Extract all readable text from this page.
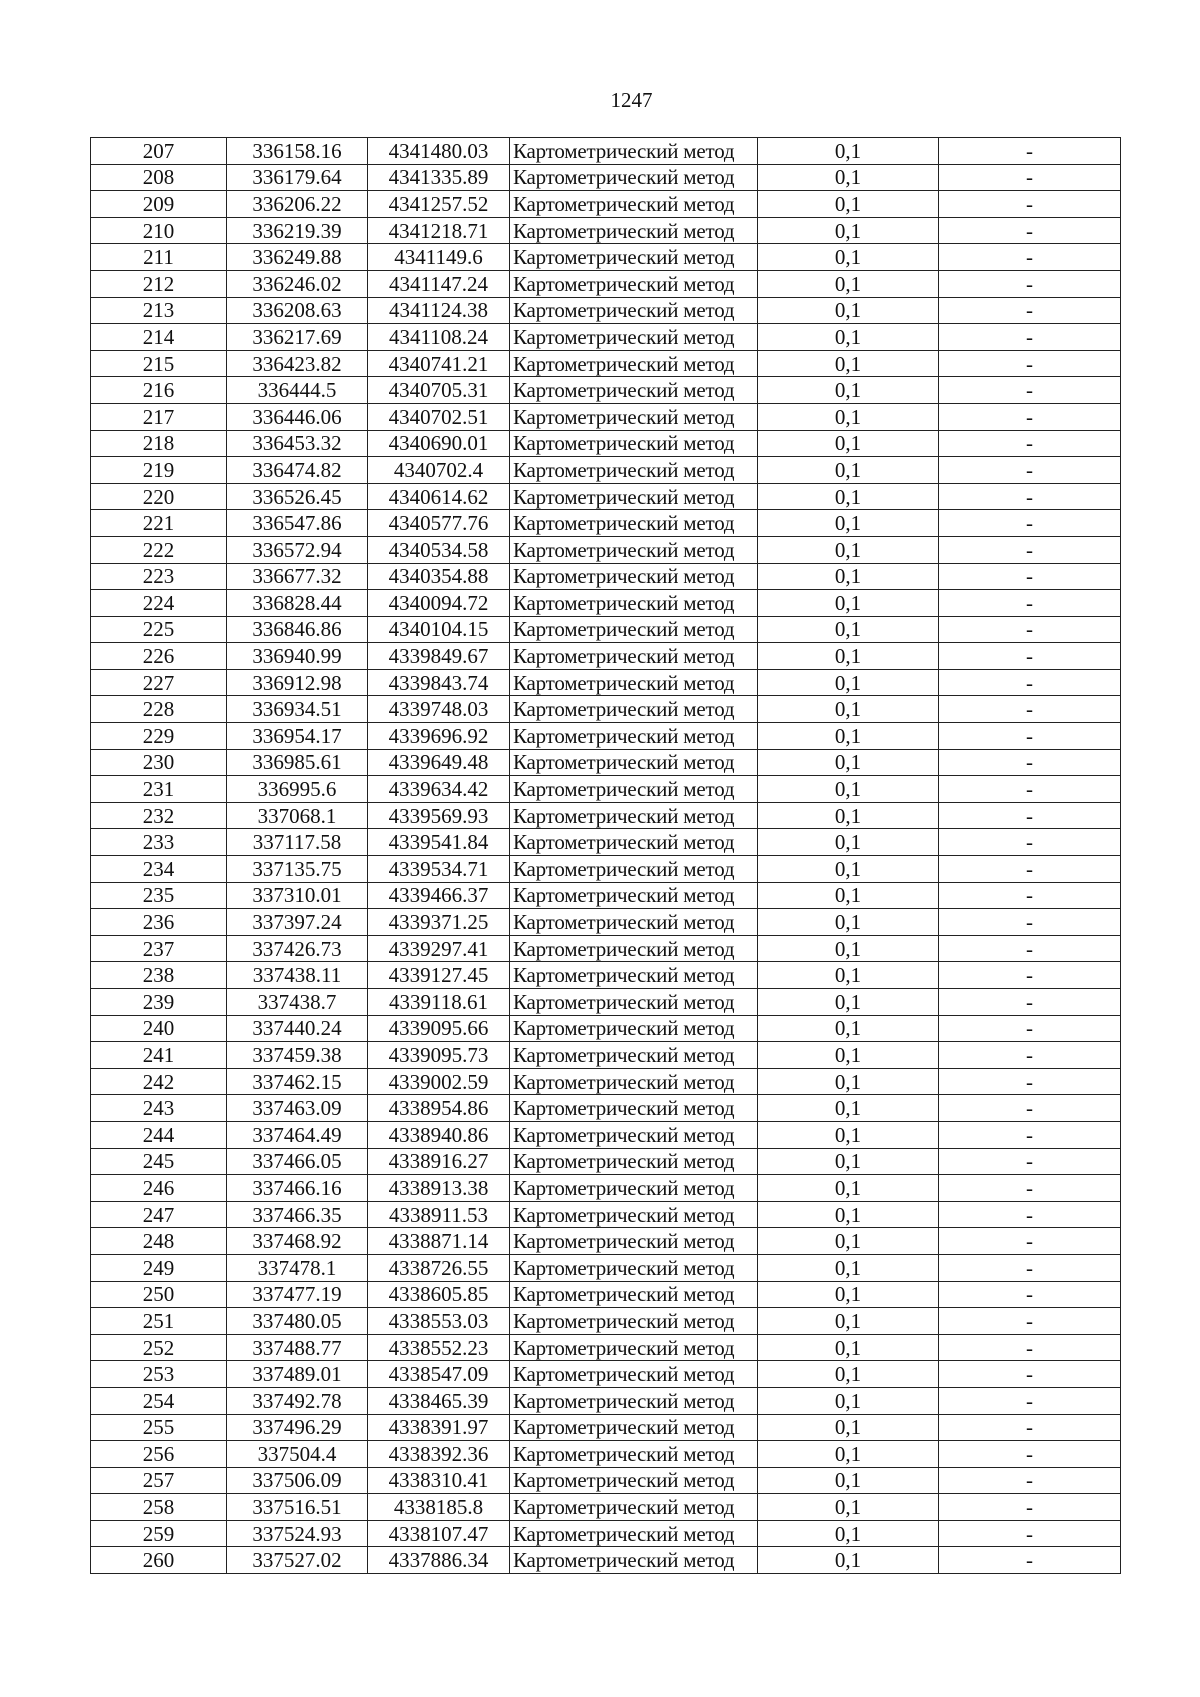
1247
207	336158.16	4341480.03	Картометрический метод	0,1	-
208	336179.64	4341335.89	Картометрический метод	0,1	-
209	336206.22	4341257.52	Картометрический метод	0,1	-
210	336219.39	4341218.71	Картометрический метод	0,1	-
211	336249.88	4341149.6	Картометрический метод	0,1	-
212	336246.02	4341147.24	Картометрический метод	0,1	-
213	336208.63	4341124.38	Картометрический метод	0,1	-
214	336217.69	4341108.24	Картометрический метод	0,1	-
215	336423.82	4340741.21	Картометрический метод	0,1	-
216	336444.5	4340705.31	Картометрический метод	0,1	-
217	336446.06	4340702.51	Картометрический метод	0,1	-
218	336453.32	4340690.01	Картометрический метод	0,1	-
219	336474.82	4340702.4	Картометрический метод	0,1	-
220	336526.45	4340614.62	Картометрический метод	0,1	-
221	336547.86	4340577.76	Картометрический метод	0,1	-
222	336572.94	4340534.58	Картометрический метод	0,1	-
223	336677.32	4340354.88	Картометрический метод	0,1	-
224	336828.44	4340094.72	Картометрический метод	0,1	-
225	336846.86	4340104.15	Картометрический метод	0,1	-
226	336940.99	4339849.67	Картометрический метод	0,1	-
227	336912.98	4339843.74	Картометрический метод	0,1	-
228	336934.51	4339748.03	Картометрический метод	0,1	-
229	336954.17	4339696.92	Картометрический метод	0,1	-
230	336985.61	4339649.48	Картометрический метод	0,1	-
231	336995.6	4339634.42	Картометрический метод	0,1	-
232	337068.1	4339569.93	Картометрический метод	0,1	-
233	337117.58	4339541.84	Картометрический метод	0,1	-
234	337135.75	4339534.71	Картометрический метод	0,1	-
235	337310.01	4339466.37	Картометрический метод	0,1	-
236	337397.24	4339371.25	Картометрический метод	0,1	-
237	337426.73	4339297.41	Картометрический метод	0,1	-
238	337438.11	4339127.45	Картометрический метод	0,1	-
239	337438.7	4339118.61	Картометрический метод	0,1	-
240	337440.24	4339095.66	Картометрический метод	0,1	-
241	337459.38	4339095.73	Картометрический метод	0,1	-
242	337462.15	4339002.59	Картометрический метод	0,1	-
243	337463.09	4338954.86	Картометрический метод	0,1	-
244	337464.49	4338940.86	Картометрический метод	0,1	-
245	337466.05	4338916.27	Картометрический метод	0,1	-
246	337466.16	4338913.38	Картометрический метод	0,1	-
247	337466.35	4338911.53	Картометрический метод	0,1	-
248	337468.92	4338871.14	Картометрический метод	0,1	-
249	337478.1	4338726.55	Картометрический метод	0,1	-
250	337477.19	4338605.85	Картометрический метод	0,1	-
251	337480.05	4338553.03	Картометрический метод	0,1	-
252	337488.77	4338552.23	Картометрический метод	0,1	-
253	337489.01	4338547.09	Картометрический метод	0,1	-
254	337492.78	4338465.39	Картометрический метод	0,1	-
255	337496.29	4338391.97	Картометрический метод	0,1	-
256	337504.4	4338392.36	Картометрический метод	0,1	-
257	337506.09	4338310.41	Картометрический метод	0,1	-
258	337516.51	4338185.8	Картометрический метод	0,1	-
259	337524.93	4338107.47	Картометрический метод	0,1	-
260	337527.02	4337886.34	Картометрический метод	0,1	-
